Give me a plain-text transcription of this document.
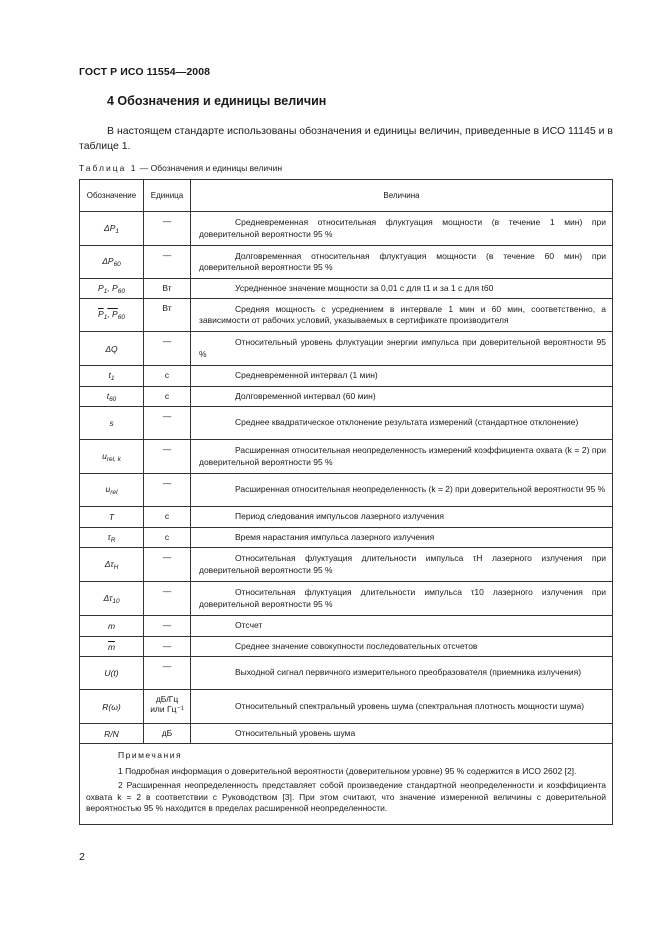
ГОСТ Р ИСО 11554—2008
4 Обозначения и единицы величин
В настоящем стандарте использованы обозначения и единицы величин, приведенные в ИСО 11145 и в таблице 1.
Таблица 1 — Обозначения и единицы величин
Обозначение	Единица	Величина
$\Delta P_1$	—	Средневременная относительная флуктуация мощности (в течение 1 мин) при доверительной вероятности 95 %

$\Delta P_{60}$	—	Долговременная относительная флуктуация мощности (в течение 60 мин) при доверительной вероятности 95 %

$P_1$, $P_{60}$	Вт	Усредненное значение мощности за 0,01 с для t1 и за 1 с для t60

$\overline{P}_1$, $P_{60}$	Вт	Средняя мощность с усреднением в интервале 1 мин и 60 мин, соответственно, а зависимости от рабочих условий, указываемых в сертификате производителя

ΔQ	—	Относительный уровень флуктуации энергии импульса при доверительной вероятности 95 %

$t_1$	с	Средневременной интервал (1 мин)

$t_{60}$	с	Долговременной интервал (60 мин)

s	—	Среднее квадратическое отклонение результата измерений (стандартное отклонение)

$u_{rel, k}$	—	Расширенная относительная неопределенность измерений коэффициента охвата (k = 2) при доверительной вероятности 95 %

$u_{rel}$	—	Расширенная относительная неопределенность (k = 2) при доверительной вероятности 95 %

T	с	Период следования импульсов лазерного излучения

$\tau_R$	с	Время нарастания импульса лазерного излучения

$\Delta\tau_H$	—	Относительная флуктуация длительности импульса τH лазерного излучения при доверительной вероятности 95 %

$\Delta\tau_{10}$	—	Относительная флуктуация длительности импульса τ10 лазерного излучения при доверительной вероятности 95 %

m	—	Отсчет

$\overline{m}$	—	Среднее значение совокупности последовательных отсчетов

U(t)	—	Выходной сигнал первичного измерительного преобразователя (приемника излучения)

R(ω)	дБ/Гц или Гц⁻¹	Относительный спектральный уровень шума (спектральная плотность мощности шума)

R/N	дБ	Относительный уровень шума

Примечания

1 Подробная информация о доверительной вероятности (доверительном уровне) 95 % содержится в ИСО 2602 [2].

2 Расширенная неопределенность представляет собой произведение стандартной неопределенности и коэффициента охвата k = 2 в соответствии с Руководством [3]. При этом считают, что значение измеренной величины с доверительной вероятностью 95 % находится в пределах расширенной неопределенности.		

2
